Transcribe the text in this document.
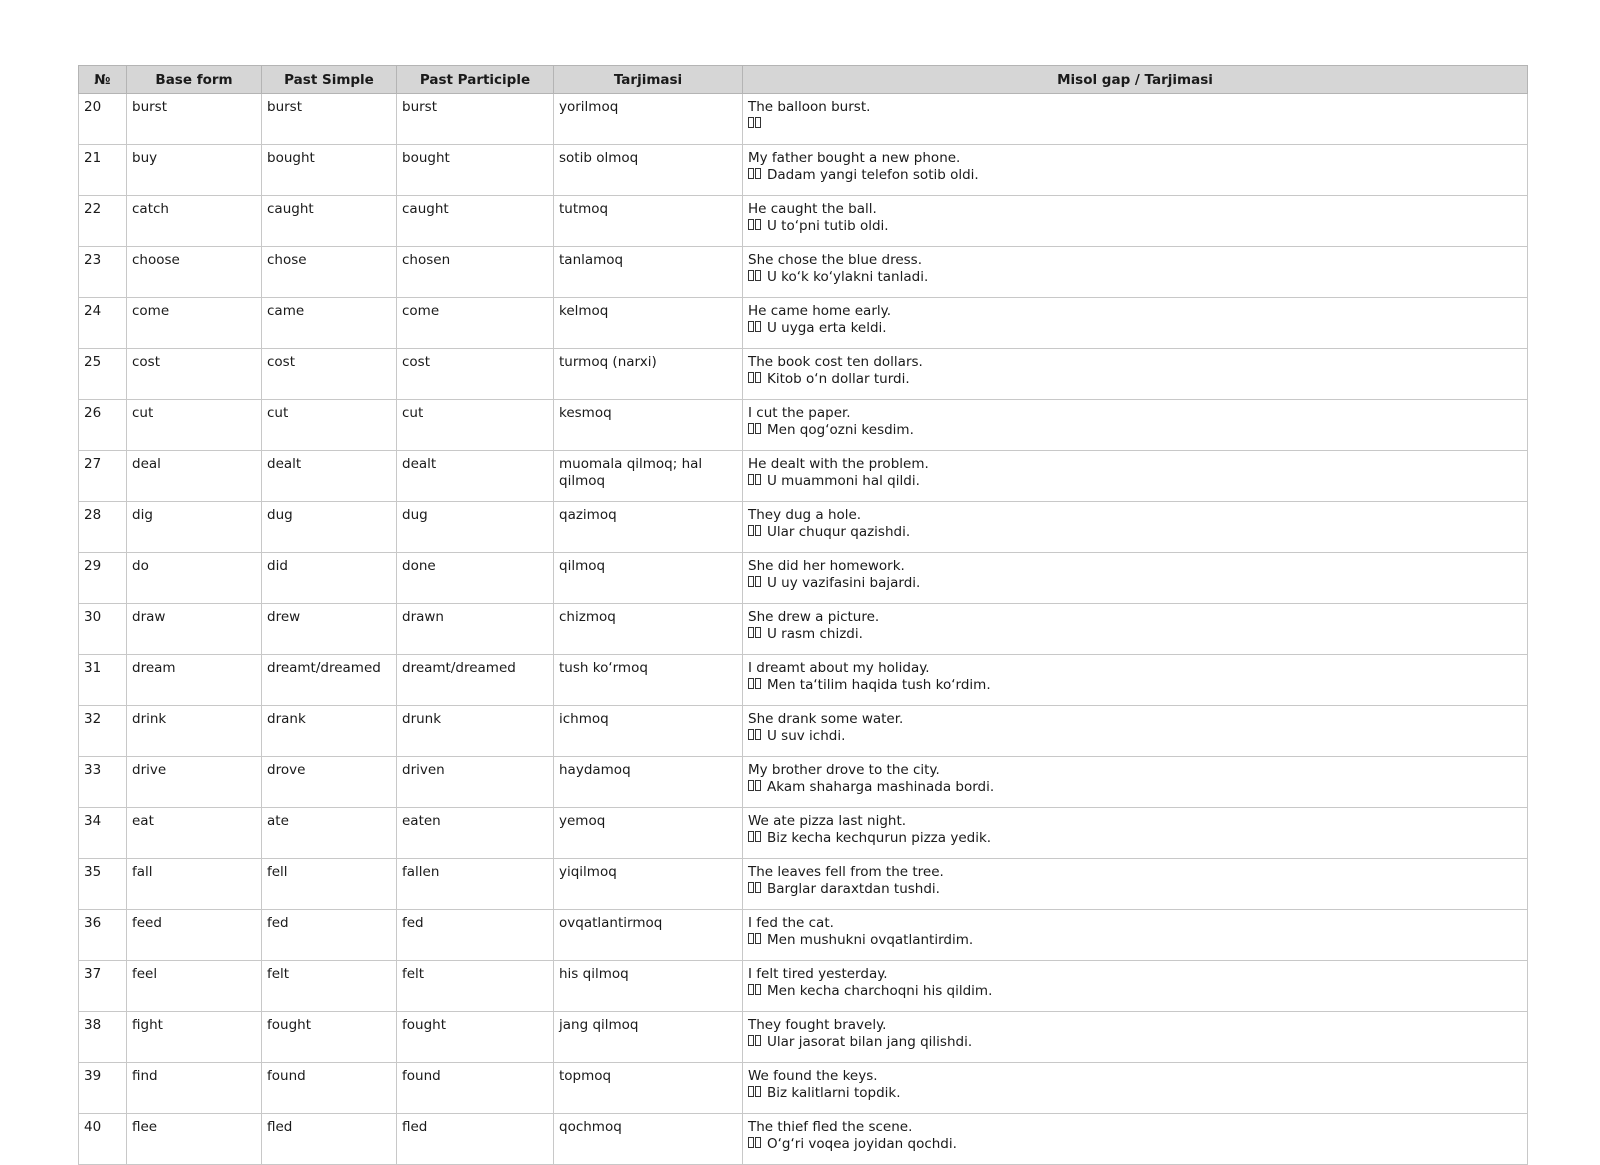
№	Base form	Past Simple	Past Participle	Tarjimasi	Misol gap / Tarjimasi
20	burst	burst	burst	yorilmoq	The balloon burst.

21	buy	bought	bought	sotib olmoq	My father bought a new phone.
Dadam yangi telefon sotib oldi.

22	catch	caught	caught	tutmoq	He caught the ball.
U to‘pni tutib oldi.

23	choose	chose	chosen	tanlamoq	She chose the blue dress.
U ko‘k ko‘ylakni tanladi.

24	come	came	come	kelmoq	He came home early.
U uyga erta keldi.

25	cost	cost	cost	turmoq (narxi)	The book cost ten dollars.
Kitob o‘n dollar turdi.

26	cut	cut	cut	kesmoq	I cut the paper.
Men qog‘ozni kesdim.

27	deal	dealt	dealt	muomala qilmoq; hal qilmoq	He dealt with the problem.
U muammoni hal qildi.

28	dig	dug	dug	qazimoq	They dug a hole.
Ular chuqur qazishdi.

29	do	did	done	qilmoq	She did her homework.
U uy vazifasini bajardi.

30	draw	drew	drawn	chizmoq	She drew a picture.
U rasm chizdi.

31	dream	dreamt/dreamed	dreamt/dreamed	tush ko‘rmoq	I dreamt about my holiday.
Men ta‘tilim haqida tush ko‘rdim.

32	drink	drank	drunk	ichmoq	She drank some water.
U suv ichdi.

33	drive	drove	driven	haydamoq	My brother drove to the city.
Akam shaharga mashinada bordi.

34	eat	ate	eaten	yemoq	We ate pizza last night.
Biz kecha kechqurun pizza yedik.

35	fall	fell	fallen	yiqilmoq	The leaves fell from the tree.
Barglar daraxtdan tushdi.

36	feed	fed	fed	ovqatlantirmoq	I fed the cat.
Men mushukni ovqatlantirdim.

37	feel	felt	felt	his qilmoq	I felt tired yesterday.
Men kecha charchoqni his qildim.

38	fight	fought	fought	jang qilmoq	They fought bravely.
Ular jasorat bilan jang qilishdi.

39	find	found	found	topmoq	We found the keys.
Biz kalitlarni topdik.

40	flee	fled	fled	qochmoq	The thief fled the scene.
O‘g‘ri voqea joyidan qochdi.
